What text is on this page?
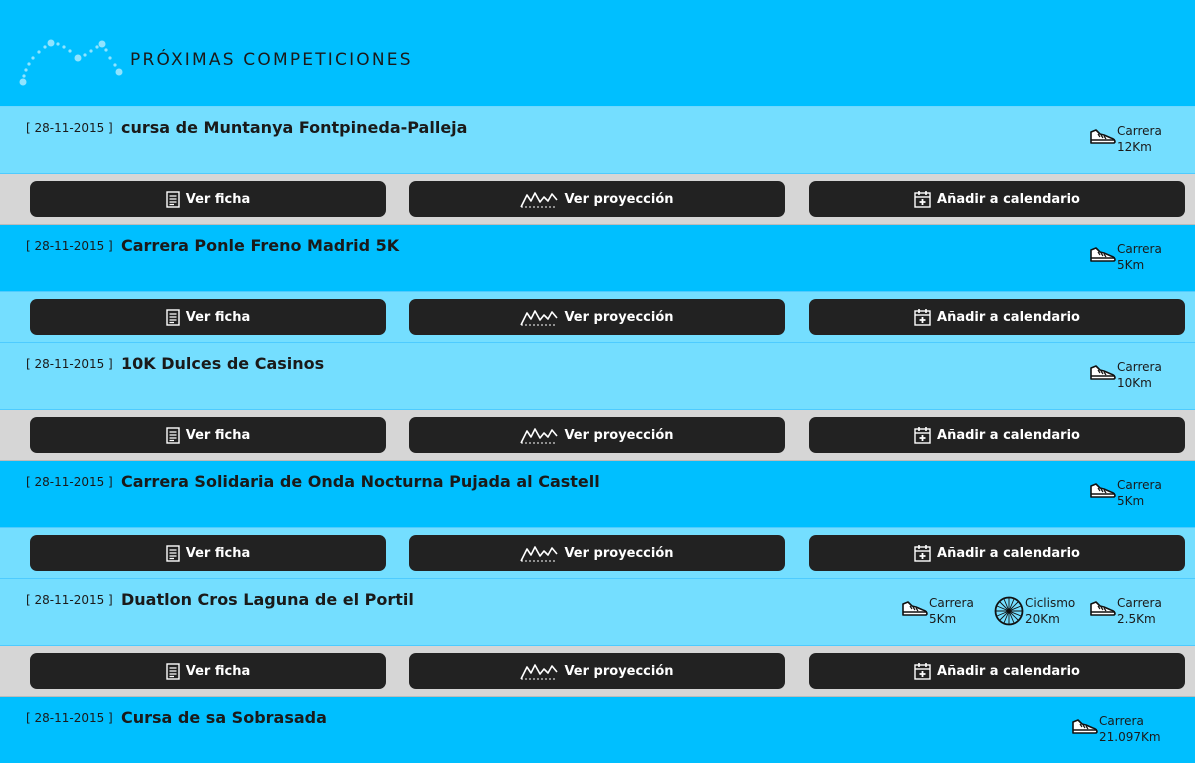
PRÓXIMAS COMPETICIONES
[ 28-11-2015 ] cursa de Muntanya Fontpineda-Palleja	Carrera
12Km
Ver ficha	Ver proyección	Añadir a calendario
[ 28-11-2015 ] Carrera Ponle Freno Madrid 5K	Carrera
5Km
Ver ficha	Ver proyección	Añadir a calendario
[ 28-11-2015 ] 10K Dulces de Casinos	Carrera
10Km
Ver ficha	Ver proyección	Añadir a calendario
[ 28-11-2015 ] Carrera Solidaria de Onda Nocturna Pujada al Castell	Carrera
5Km
Ver ficha	Ver proyección	Añadir a calendario
[ 28-11-2015 ] Duatlon Cros Laguna de el Portil	Carrera
5Km
Ciclismo
20Km
Carrera
2.5Km
Ver ficha	Ver proyección	Añadir a calendario
[ 28-11-2015 ] Cursa de sa Sobrasada	Carrera
21.097Km
